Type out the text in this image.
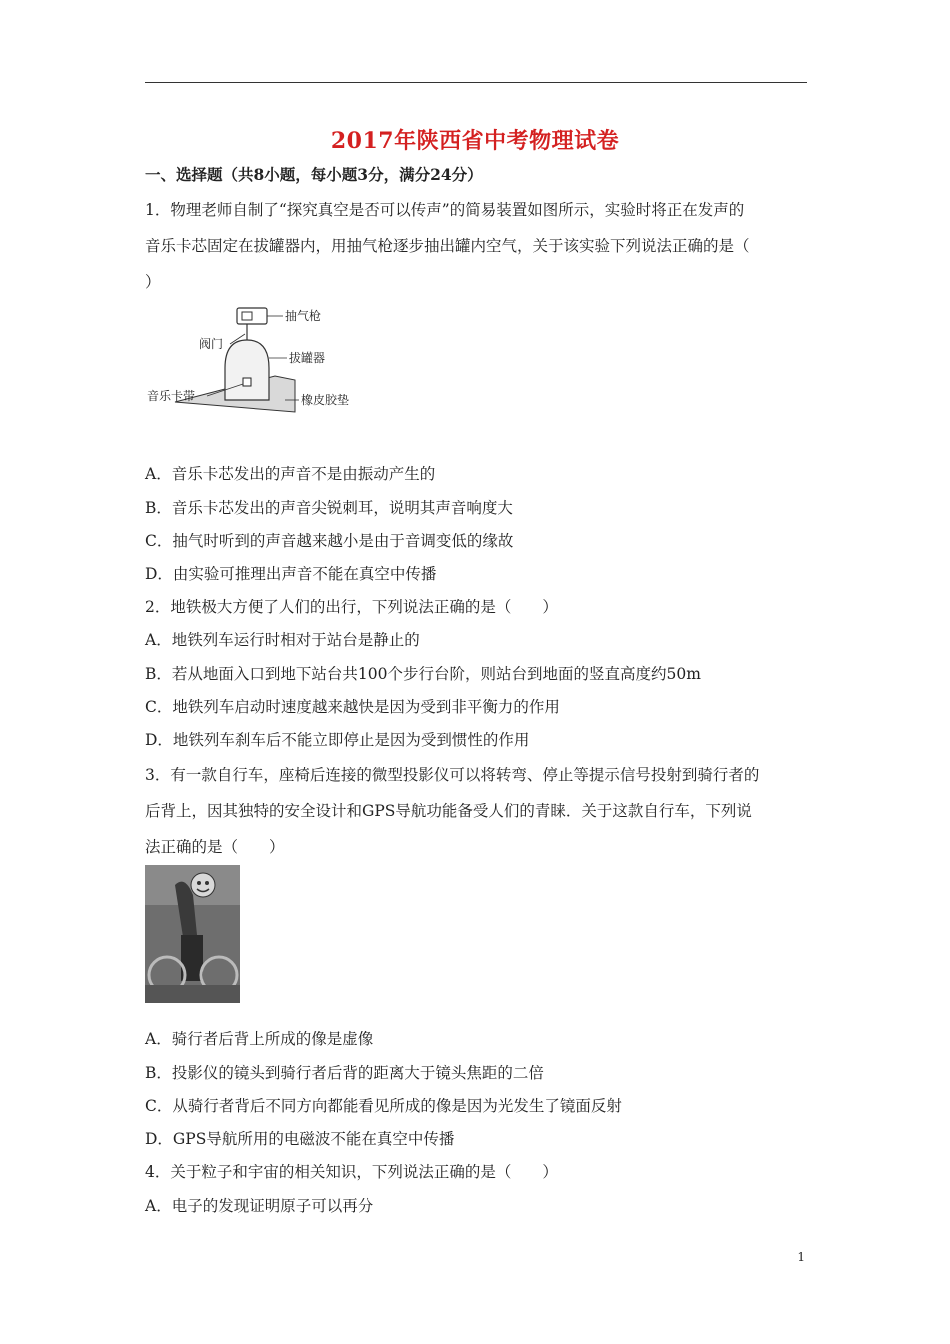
2017年陕西省中考物理试卷
一、选择题（共8小题，每小题3分，满分24分）
1．物理老师自制了“探究真空是否可以传声”的简易装置如图所示，实验时将正在发声的
音乐卡芯固定在拔罐器内，用抽气枪逐步抽出罐内空气，关于该实验下列说法正确的是（
）
抽气枪
阀门
拔罐器
音乐卡带	橡皮胶垫
A．音乐卡芯发出的声音不是由振动产生的
B．音乐卡芯发出的声音尖锐刺耳，说明其声音响度大
C．抽气时听到的声音越来越小是由于音调变低的缘故
D．由实验可推理出声音不能在真空中传播
2．地铁极大方便了人们的出行，下列说法正确的是（　　）
A．地铁列车运行时相对于站台是静止的
B．若从地面入口到地下站台共100个步行台阶，则站台到地面的竖直高度约50m
C．地铁列车启动时速度越来越快是因为受到非平衡力的作用
D．地铁列车刹车后不能立即停止是因为受到惯性的作用
3．有一款自行车，座椅后连接的微型投影仪可以将转弯、停止等提示信号投射到骑行者的
后背上，因其独特的安全设计和GPS导航功能备受人们的青睐．关于这款自行车，下列说
法正确的是（　　）
A．骑行者后背上所成的像是虚像
B．投影仪的镜头到骑行者后背的距离大于镜头焦距的二倍
C．从骑行者背后不同方向都能看见所成的像是因为光发生了镜面反射
D．GPS导航所用的电磁波不能在真空中传播
4．关于粒子和宇宙的相关知识，下列说法正确的是（　　）
A．电子的发现证明原子可以再分
1
